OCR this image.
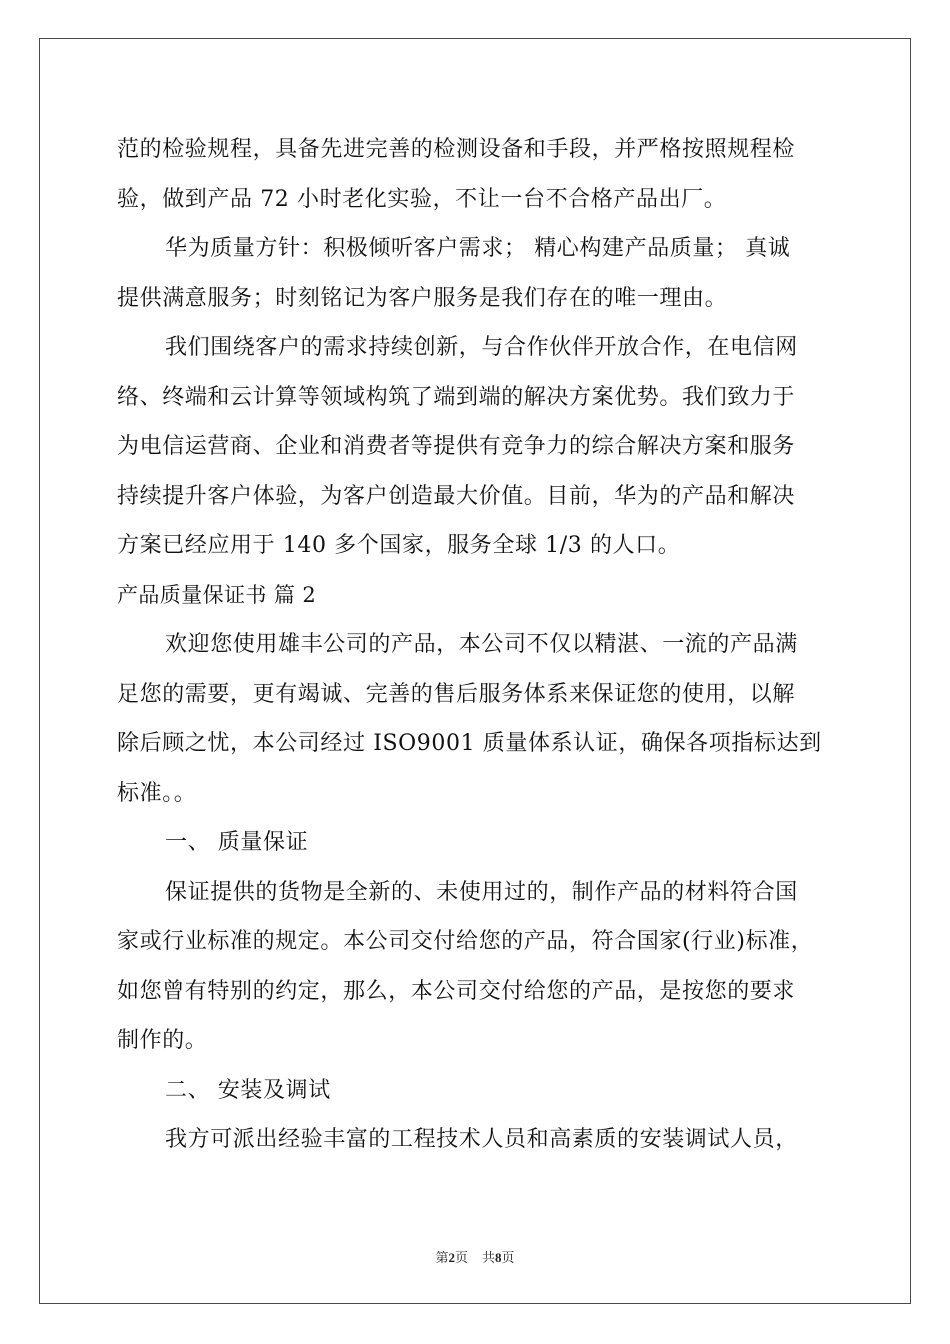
范的检验规程，具备先进完善的检测设备和手段，并严格按照规程检
验，做到产品 72 小时老化实验，不让一台不合格产品出厂。
华为质量方针：积极倾听客户需求； 精心构建产品质量； 真诚
提供满意服务；时刻铭记为客户服务是我们存在的唯一理由。
我们围绕客户的需求持续创新，与合作伙伴开放合作，在电信网
络、终端和云计算等领域构筑了端到端的解决方案优势。我们致力于
为电信运营商、企业和消费者等提供有竞争力的综合解决方案和服务
持续提升客户体验，为客户创造最大价值。目前，华为的产品和解决
方案已经应用于 140 多个国家，服务全球 1/3 的人口。
产品质量保证书 篇 2
欢迎您使用雄丰公司的产品，本公司不仅以精湛、一流的产品满
足您的需要，更有竭诚、完善的售后服务体系来保证您的使用，以解
除后顾之忧，本公司经过 ISO9001 质量体系认证，确保各项指标达到
标准。。
一、 质量保证
保证提供的货物是全新的、未使用过的，制作产品的材料符合国
家或行业标准的规定。本公司交付给您的产品，符合国家(行业)标准，
如您曾有特别的约定，那么，本公司交付给您的产品，是按您的要求
制作的。
二、 安装及调试
我方可派出经验丰富的工程技术人员和高素质的安装调试人员，
第2页 共8页
